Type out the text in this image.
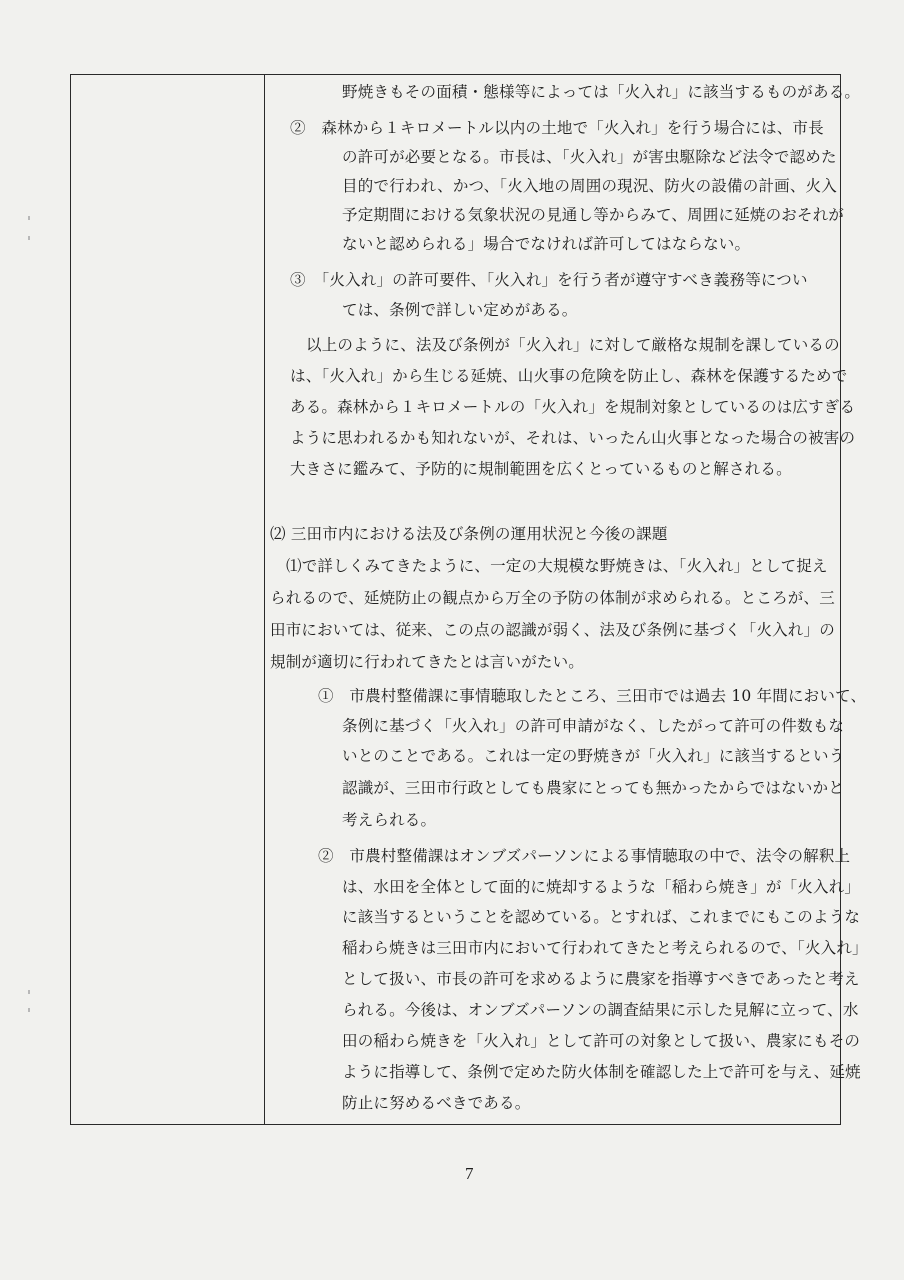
野焼きもその面積・態様等によっては「火入れ」に該当するものがある。
②　森林から１キロメートル以内の土地で「火入れ」を行う場合には、市長
の許可が必要となる。市長は、「火入れ」が害虫駆除など法令で認めた
目的で行われ、かつ、「火入地の周囲の現況、防火の設備の計画、火入
予定期間における気象状況の見通し等からみて、周囲に延焼のおそれが
ないと認められる」場合でなければ許可してはならない。
③　「火入れ」の許可要件、「火入れ」を行う者が遵守すべき義務等につい
ては、条例で詳しい定めがある。
以上のように、法及び条例が「火入れ」に対して厳格な規制を課しているの
は、「火入れ」から生じる延焼、山火事の危険を防止し、森林を保護するためで
ある。森林から１キロメートルの「火入れ」を規制対象としているのは広すぎる
ように思われるかも知れないが、それは、いったん山火事となった場合の被害の
大きさに鑑みて、予防的に規制範囲を広くとっているものと解される。
⑵ 三田市内における法及び条例の運用状況と今後の課題
⑴で詳しくみてきたように、一定の大規模な野焼きは、「火入れ」として捉え
られるので、延焼防止の観点から万全の予防の体制が求められる。ところが、三
田市においては、従来、この点の認識が弱く、法及び条例に基づく「火入れ」の
規制が適切に行われてきたとは言いがたい。
①　市農村整備課に事情聴取したところ、三田市では過去 10 年間において、
条例に基づく「火入れ」の許可申請がなく、したがって許可の件数もな
いとのことである。これは一定の野焼きが「火入れ」に該当するという
認識が、三田市行政としても農家にとっても無かったからではないかと
考えられる。
②　市農村整備課はオンブズパーソンによる事情聴取の中で、法令の解釈上
は、水田を全体として面的に焼却するような「稲わら焼き」が「火入れ」
に該当するということを認めている。とすれば、これまでにもこのような
稲わら焼きは三田市内において行われてきたと考えられるので、「火入れ」
として扱い、市長の許可を求めるように農家を指導すべきであったと考え
られる。今後は、オンブズパーソンの調査結果に示した見解に立って、水
田の稲わら焼きを「火入れ」として許可の対象として扱い、農家にもその
ように指導して、条例で定めた防火体制を確認した上で許可を与え、延焼
防止に努めるべきである。
7
